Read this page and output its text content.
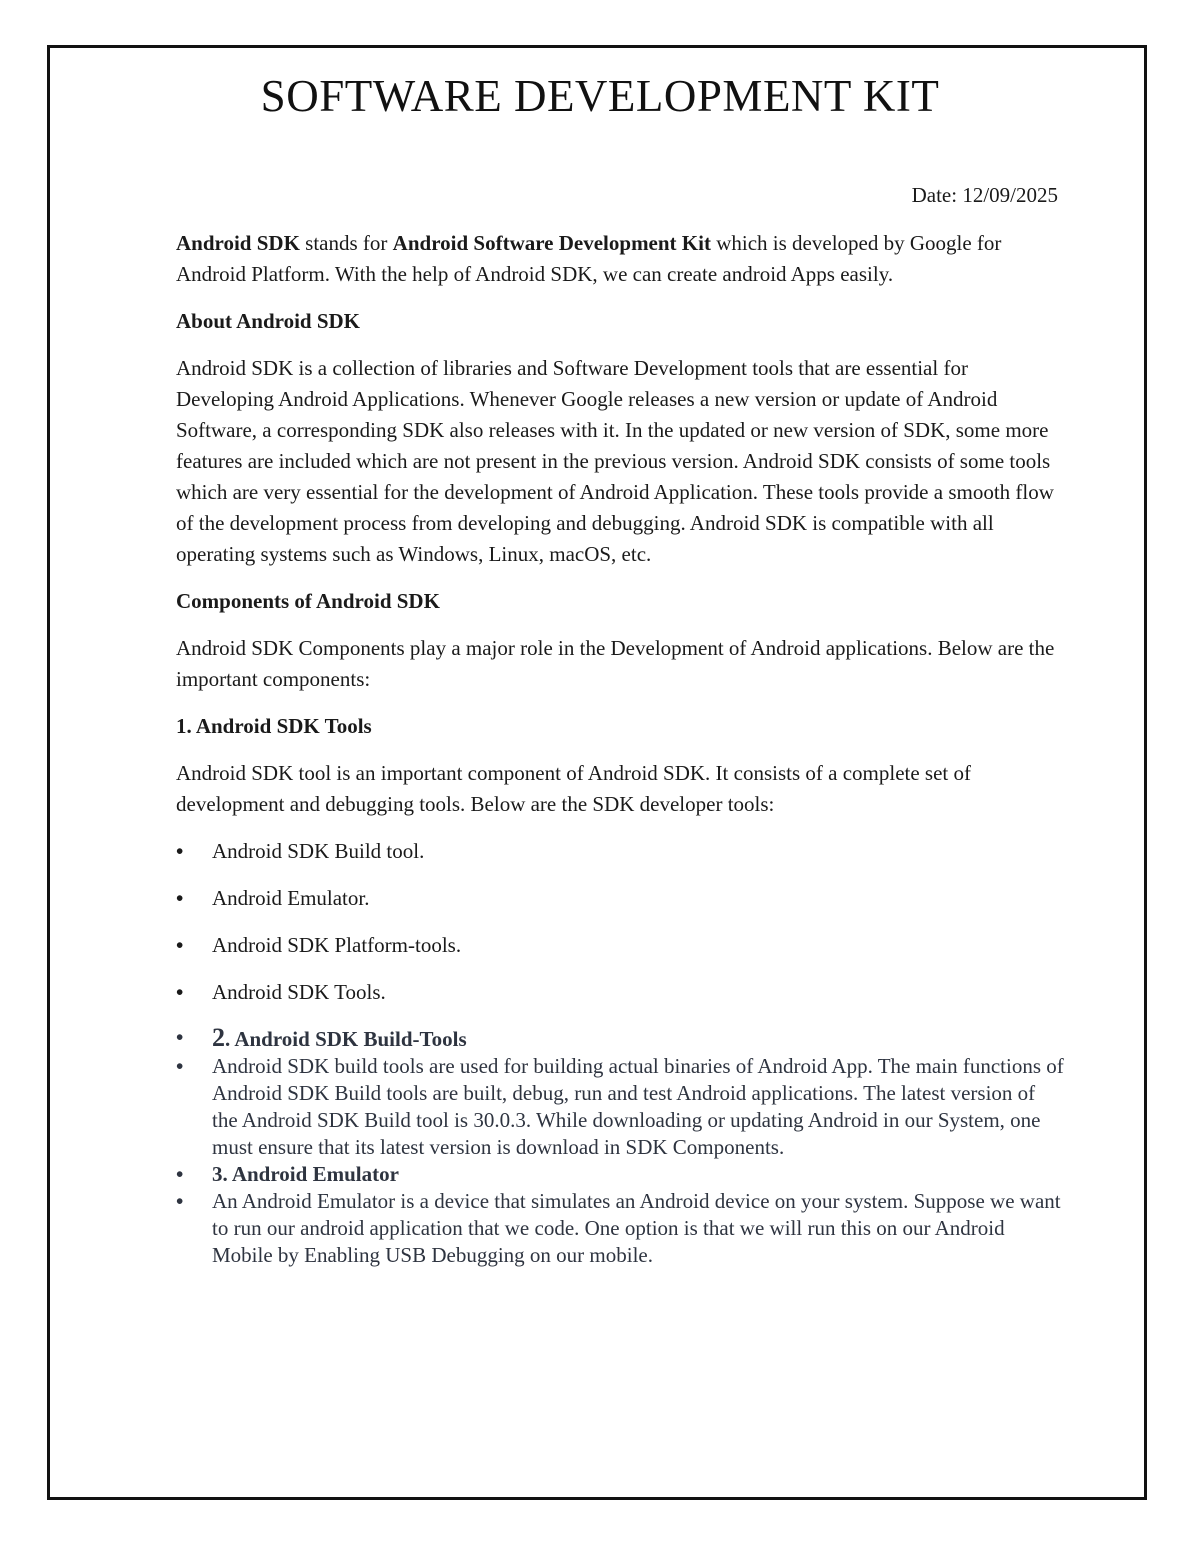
SOFTWARE DEVELOPMENT KIT
Date: 12/09/2025

Android SDK stands for Android Software Development Kit which is developed by Google for Android Platform. With the help of Android SDK, we can create android Apps easily.

About Android SDK

Android SDK is a collection of libraries and Software Development tools that are essential for Developing Android Applications. Whenever Google releases a new version or update of Android Software, a corresponding SDK also releases with it. In the updated or new version of SDK, some more features are included which are not present in the previous version. Android SDK consists of some tools which are very essential for the development of Android Application. These tools provide a smooth flow of the development process from developing and debugging. Android SDK is compatible with all operating systems such as Windows, Linux, macOS, etc.

Components of Android SDK

Android SDK Components play a major role in the Development of Android applications. Below are the important components:

1. Android SDK Tools

Android SDK tool is an important component of Android SDK. It consists of a complete set of development and debugging tools. Below are the SDK developer tools:

• Android SDK Build tool.
• Android Emulator.
• Android SDK Platform-tools.
• Android SDK Tools.
• 2. Android SDK Build-Tools
• Android SDK build tools are used for building actual binaries of Android App. The main functions of Android SDK Build tools are built, debug, run and test Android applications. The latest version of the Android SDK Build tool is 30.0.3. While downloading or updating Android in our System, one must ensure that its latest version is download in SDK Components.
• 3. Android Emulator
• An Android Emulator is a device that simulates an Android device on your system. Suppose we want to run our android application that we code. One option is that we will run this on our Android Mobile by Enabling USB Debugging on our mobile.
